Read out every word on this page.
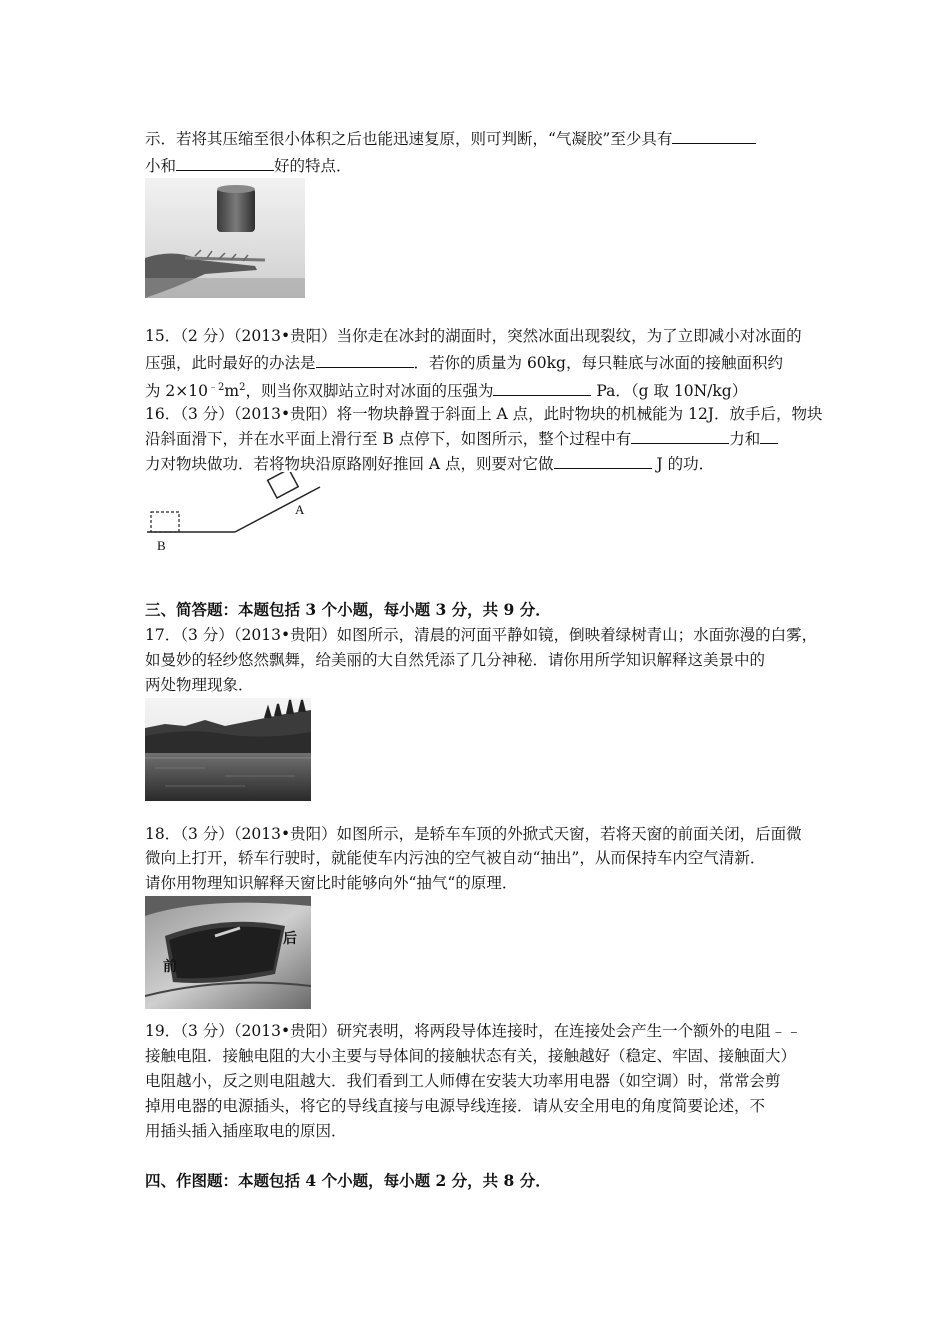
示．若将其压缩至很小体积之后也能迅速复原，则可判断，“气凝胶”至少具有
小和	好的特点．
15．（2 分）（2013•贵阳）当你走在冰封的湖面时，突然冰面出现裂纹，为了立即减小对冰面的
压强，此时最好的办法是	．若你的质量为 60kg，每只鞋底与冰面的接触面积约
为 $2\times 10^{﹣2}m^2$，则当你双脚站立时对冰面的压强为	Pa．（g 取 10N/kg）
16．（3 分）（2013•贵阳）将一物块静置于斜面上 A 点，此时物块的机械能为 12J．放手后，物块
沿斜面滑下，并在水平面上滑行至 B 点停下，如图所示，整个过程中有	力和
力对物块做功．若将物块沿原路刚好推回 A 点，则要对它做	J 的功．
A
B
三、简答题：本题包括 3 个小题，每小题 3 分，共 9 分．
17．（3 分）（2013•贵阳）如图所示，清晨的河面平静如镜，倒映着绿树青山；水面弥漫的白雾，
如曼妙的轻纱悠然飘舞，给美丽的大自然凭添了几分神秘．请你用所学知识解释这美景中的
两处物理现象．
18．（3 分）（2013•贵阳）如图所示，是轿车车顶的外掀式天窗，若将天窗的前面关闭，后面微
微向上打开，轿车行驶时，就能使车内污浊的空气被自动“抽出”，从而保持车内空气清新．
请你用物理知识解释天窗比时能够向外“抽气“的原理．
后
前
19．（3 分）（2013•贵阳）研究表明，将两段导体连接时，在连接处会产生一个额外的电阻﹣﹣
接触电阻．接触电阻的大小主要与导体间的接触状态有关，接触越好（稳定、牢固、接触面大）
电阻越小，反之则电阻越大．我们看到工人师傅在安装大功率用电器（如空调）时，常常会剪
掉用电器的电源插头，将它的导线直接与电源导线连接．请从安全用电的角度简要论述，不
用插头插入插座取电的原因．
四、作图题：本题包括 4 个小题，每小题 2 分，共 8 分．
